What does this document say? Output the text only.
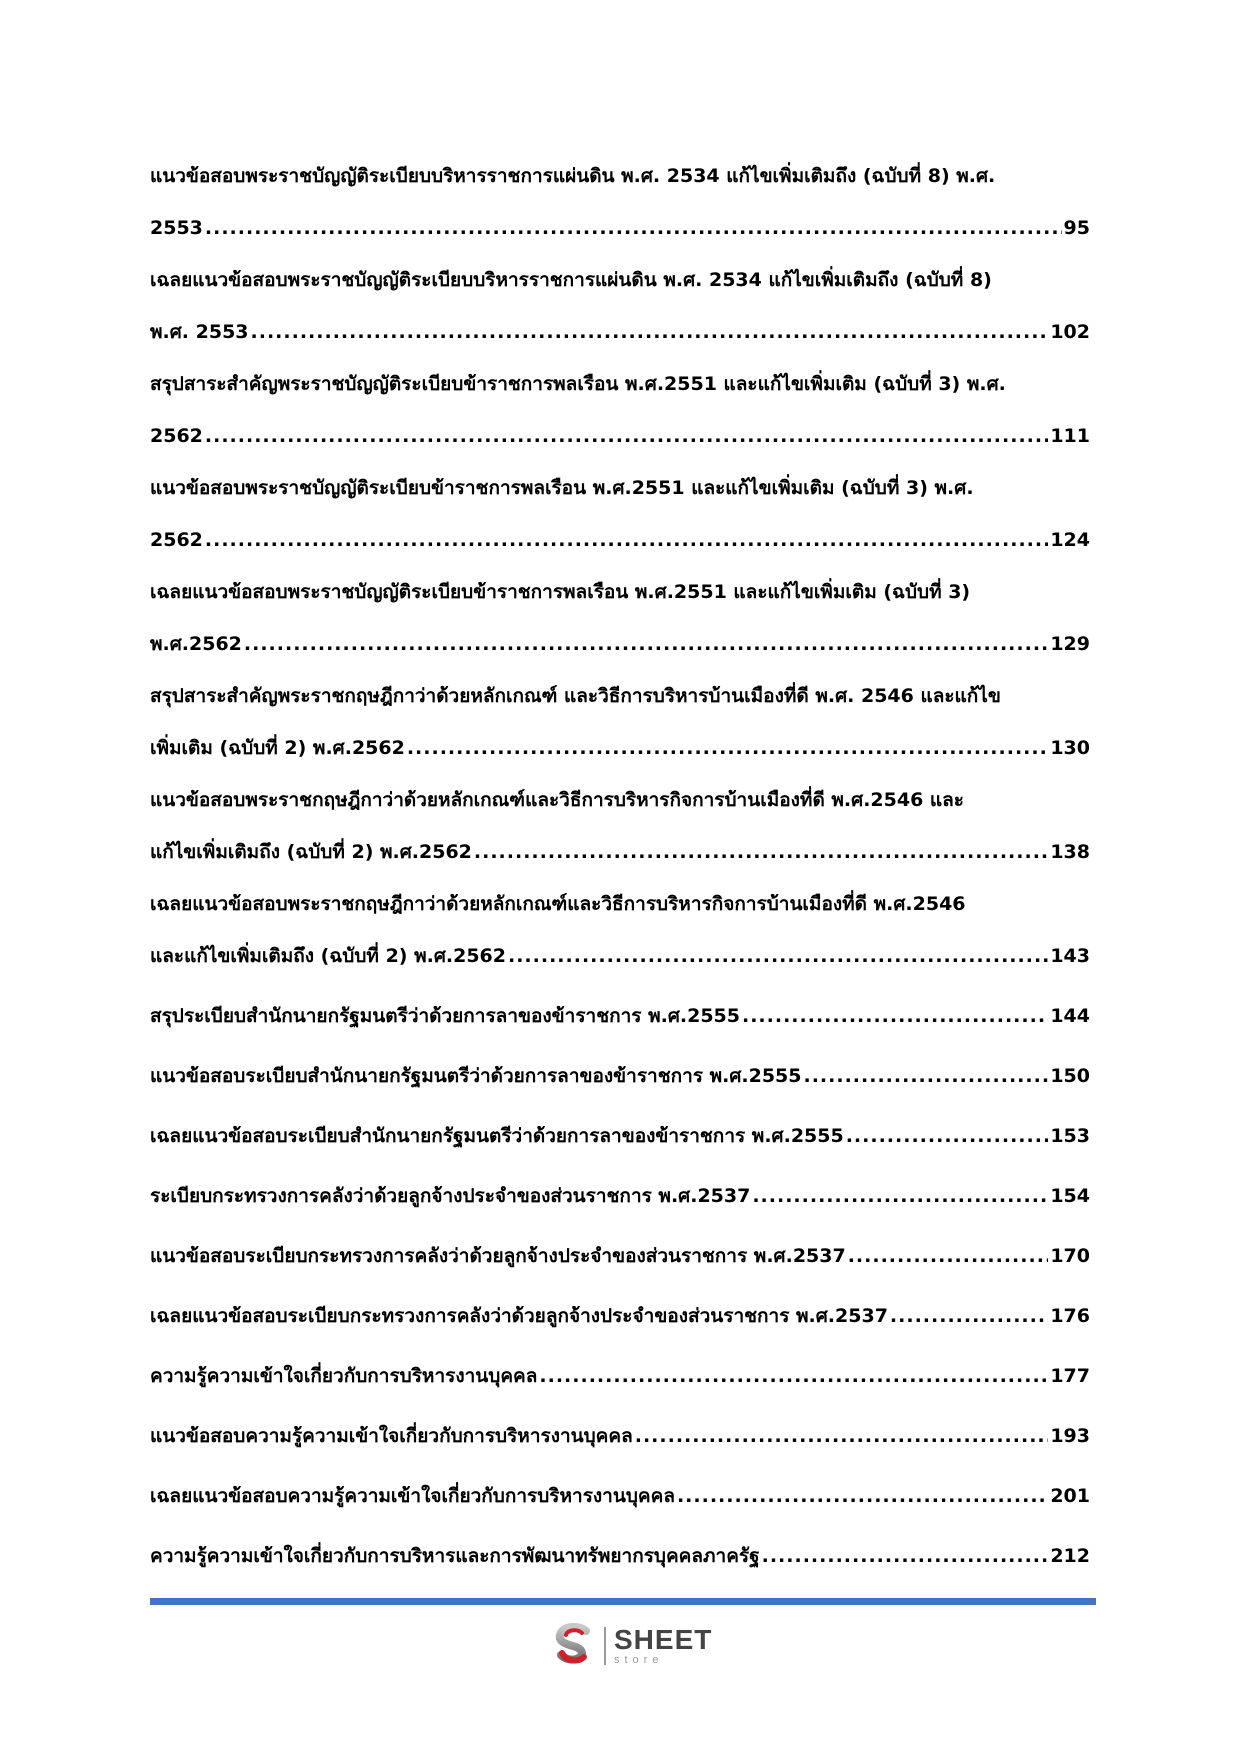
แนวข้อสอบพระราชบัญญัติระเบียบบริหารราชการแผ่นดิน พ.ศ. 2534 แก้ไขเพิ่มเติมถึง (ฉบับที่ 8) พ.ศ.
2553 .....	95
เฉลยแนวข้อสอบพระราชบัญญัติระเบียบบริหารราชการแผ่นดิน พ.ศ. 2534 แก้ไขเพิ่มเติมถึง (ฉบับที่ 8)
พ.ศ. 2553 .....	102
สรุปสาระสำคัญพระราชบัญญัติระเบียบข้าราชการพลเรือน พ.ศ.2551 และแก้ไขเพิ่มเติม (ฉบับที่ 3) พ.ศ.
2562 .....	111
แนวข้อสอบพระราชบัญญัติระเบียบข้าราชการพลเรือน พ.ศ.2551 และแก้ไขเพิ่มเติม (ฉบับที่ 3) พ.ศ.
2562 .....	124
เฉลยแนวข้อสอบพระราชบัญญัติระเบียบข้าราชการพลเรือน พ.ศ.2551 และแก้ไขเพิ่มเติม (ฉบับที่ 3)
พ.ศ.2562 .....	129
สรุปสาระสำคัญพระราชกฤษฎีกาว่าด้วยหลักเกณฑ์ และวิธีการบริหารบ้านเมืองที่ดี พ.ศ. 2546 และแก้ไข
เพิ่มเติม (ฉบับที่ 2) พ.ศ.2562 .....	130
แนวข้อสอบพระราชกฤษฎีกาว่าด้วยหลักเกณฑ์และวิธีการบริหารกิจการบ้านเมืองที่ดี พ.ศ.2546 และ
แก้ไขเพิ่มเติมถึง (ฉบับที่ 2) พ.ศ.2562 .....	138
เฉลยแนวข้อสอบพระราชกฤษฎีกาว่าด้วยหลักเกณฑ์และวิธีการบริหารกิจการบ้านเมืองที่ดี พ.ศ.2546
และแก้ไขเพิ่มเติมถึง (ฉบับที่ 2) พ.ศ.2562 .....	143
สรุประเบียบสำนักนายกรัฐมนตรีว่าด้วยการลาของข้าราชการ พ.ศ.2555 .....	144
แนวข้อสอบระเบียบสำนักนายกรัฐมนตรีว่าด้วยการลาของข้าราชการ พ.ศ.2555 .....	150
เฉลยแนวข้อสอบระเบียบสำนักนายกรัฐมนตรีว่าด้วยการลาของข้าราชการ พ.ศ.2555 .....	153
ระเบียบกระทรวงการคลังว่าด้วยลูกจ้างประจำของส่วนราชการ พ.ศ.2537 .....	154
แนวข้อสอบระเบียบกระทรวงการคลังว่าด้วยลูกจ้างประจำของส่วนราชการ พ.ศ.2537 .....	170
เฉลยแนวข้อสอบระเบียบกระทรวงการคลังว่าด้วยลูกจ้างประจำของส่วนราชการ พ.ศ.2537 .....	176
ความรู้ความเข้าใจเกี่ยวกับการบริหารงานบุคคล .....	177
แนวข้อสอบความรู้ความเข้าใจเกี่ยวกับการบริหารงานบุคคล .....	193
เฉลยแนวข้อสอบความรู้ความเข้าใจเกี่ยวกับการบริหารงานบุคคล .....	201
ความรู้ความเข้าใจเกี่ยวกับการบริหารและการพัฒนาทรัพยากรบุคคลภาครัฐ .....	212
SHEET
store
